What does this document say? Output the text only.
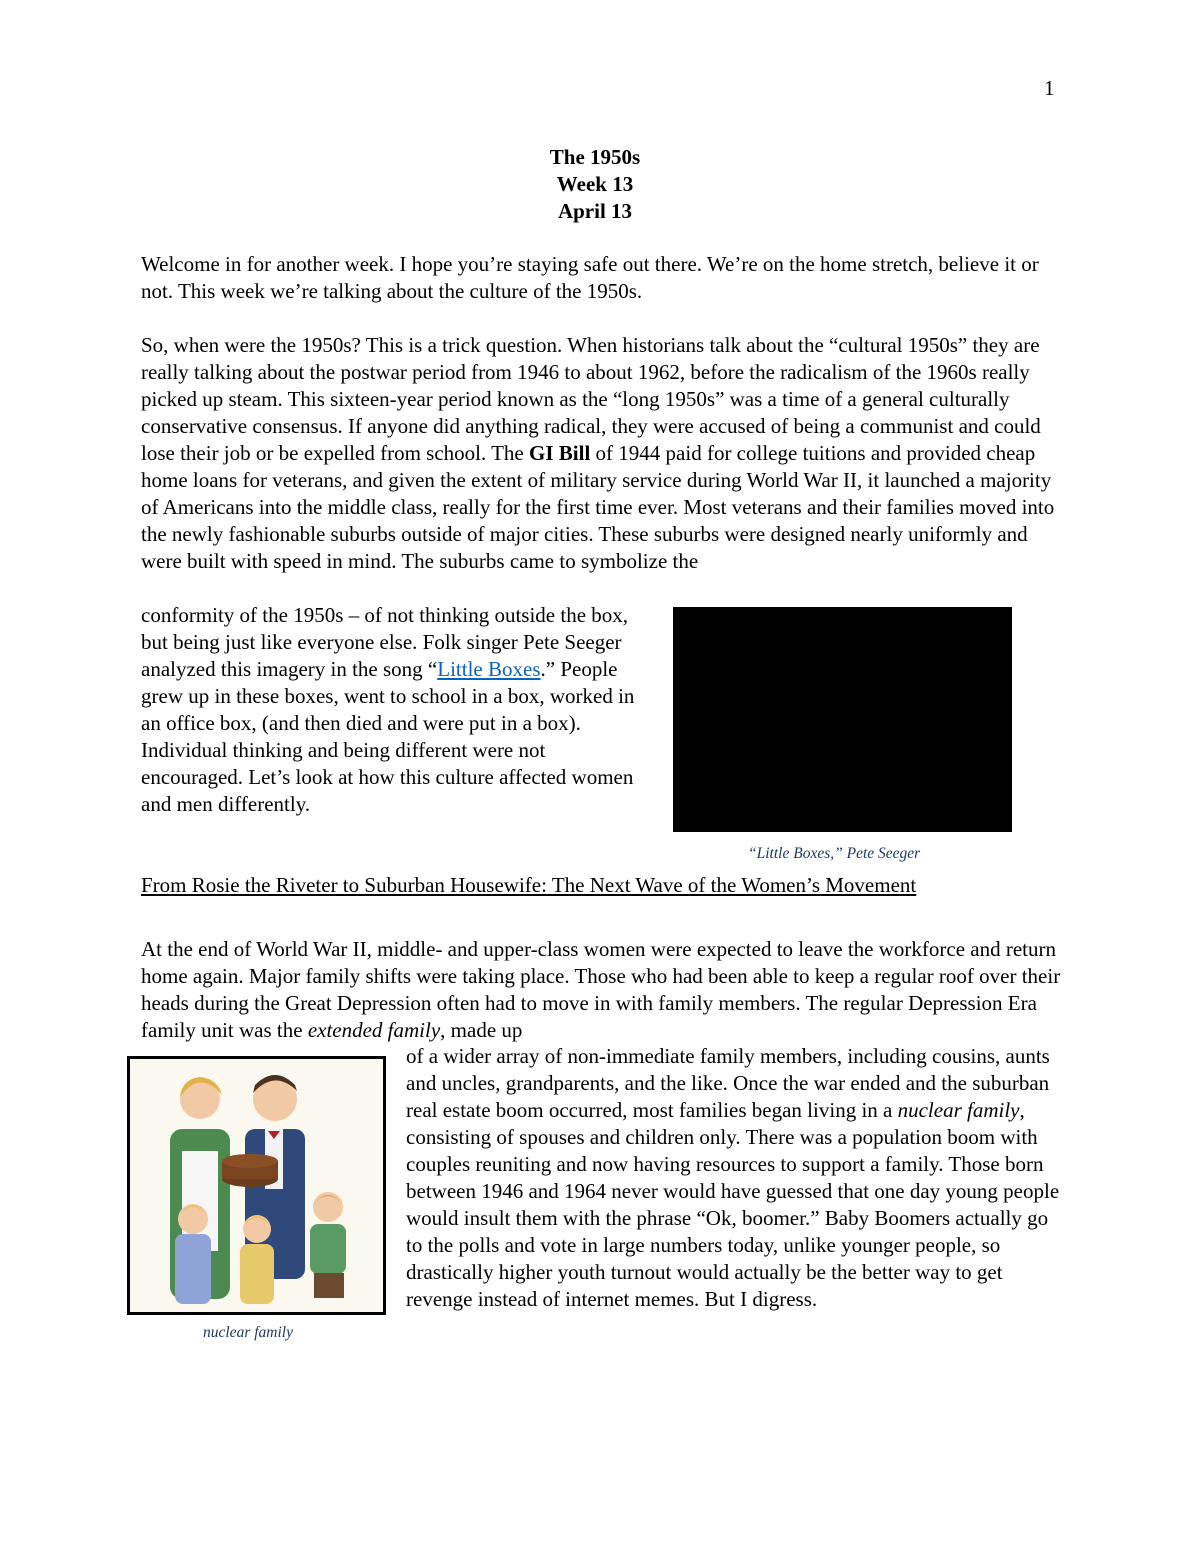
1
The 1950s
Week 13
April 13

Welcome in for another week. I hope you’re staying safe out there. We’re on the home stretch, believe it or not. This week we’re talking about the culture of the 1950s.

So, when were the 1950s? This is a trick question. When historians talk about the “cultural 1950s” they are really talking about the postwar period from 1946 to about 1962, before the radicalism of the 1960s really picked up steam. This sixteen-year period known as the “long 1950s” was a time of a general culturally conservative consensus. If anyone did anything radical, they were accused of being a communist and could lose their job or be expelled from school. The GI Bill of 1944 paid for college tuitions and provided cheap home loans for veterans, and given the extent of military service during World War II, it launched a majority of Americans into the middle class, really for the first time ever. Most veterans and their families moved into the newly fashionable suburbs outside of major cities. These suburbs were designed nearly uniformly and were built with speed in mind. The suburbs came to symbolize the

conformity of the 1950s – of not thinking outside the box, but being just like everyone else. Folk singer Pete Seeger analyzed this imagery in the song “Little Boxes.” People grew up in these boxes, went to school in a box, worked in an office box, (and then died and were put in a box). Individual thinking and being different were not encouraged. Let’s look at how this culture affected women and men differently.
“Little Boxes,” Pete Seeger
From Rosie the Riveter to Suburban Housewife: The Next Wave of the Women’s Movement

At the end of World War II, middle- and upper-class women were expected to leave the workforce and return home again. Major family shifts were taking place. Those who had been able to keep a regular roof over their heads during the Great Depression often had to move in with family members. The regular Depression Era family unit was the extended family, made up

nuclear family
of a wider array of non-immediate family members, including cousins, aunts and uncles, grandparents, and the like. Once the war ended and the suburban real estate boom occurred, most families began living in a nuclear family, consisting of spouses and children only. There was a population boom with couples reuniting and now having resources to support a family. Those born between 1946 and 1964 never would have guessed that one day young people would insult them with the phrase “Ok, boomer.” Baby Boomers actually go to the polls and vote in large numbers today, unlike younger people, so drastically higher youth turnout would actually be the better way to get revenge instead of internet memes. But I digress.
